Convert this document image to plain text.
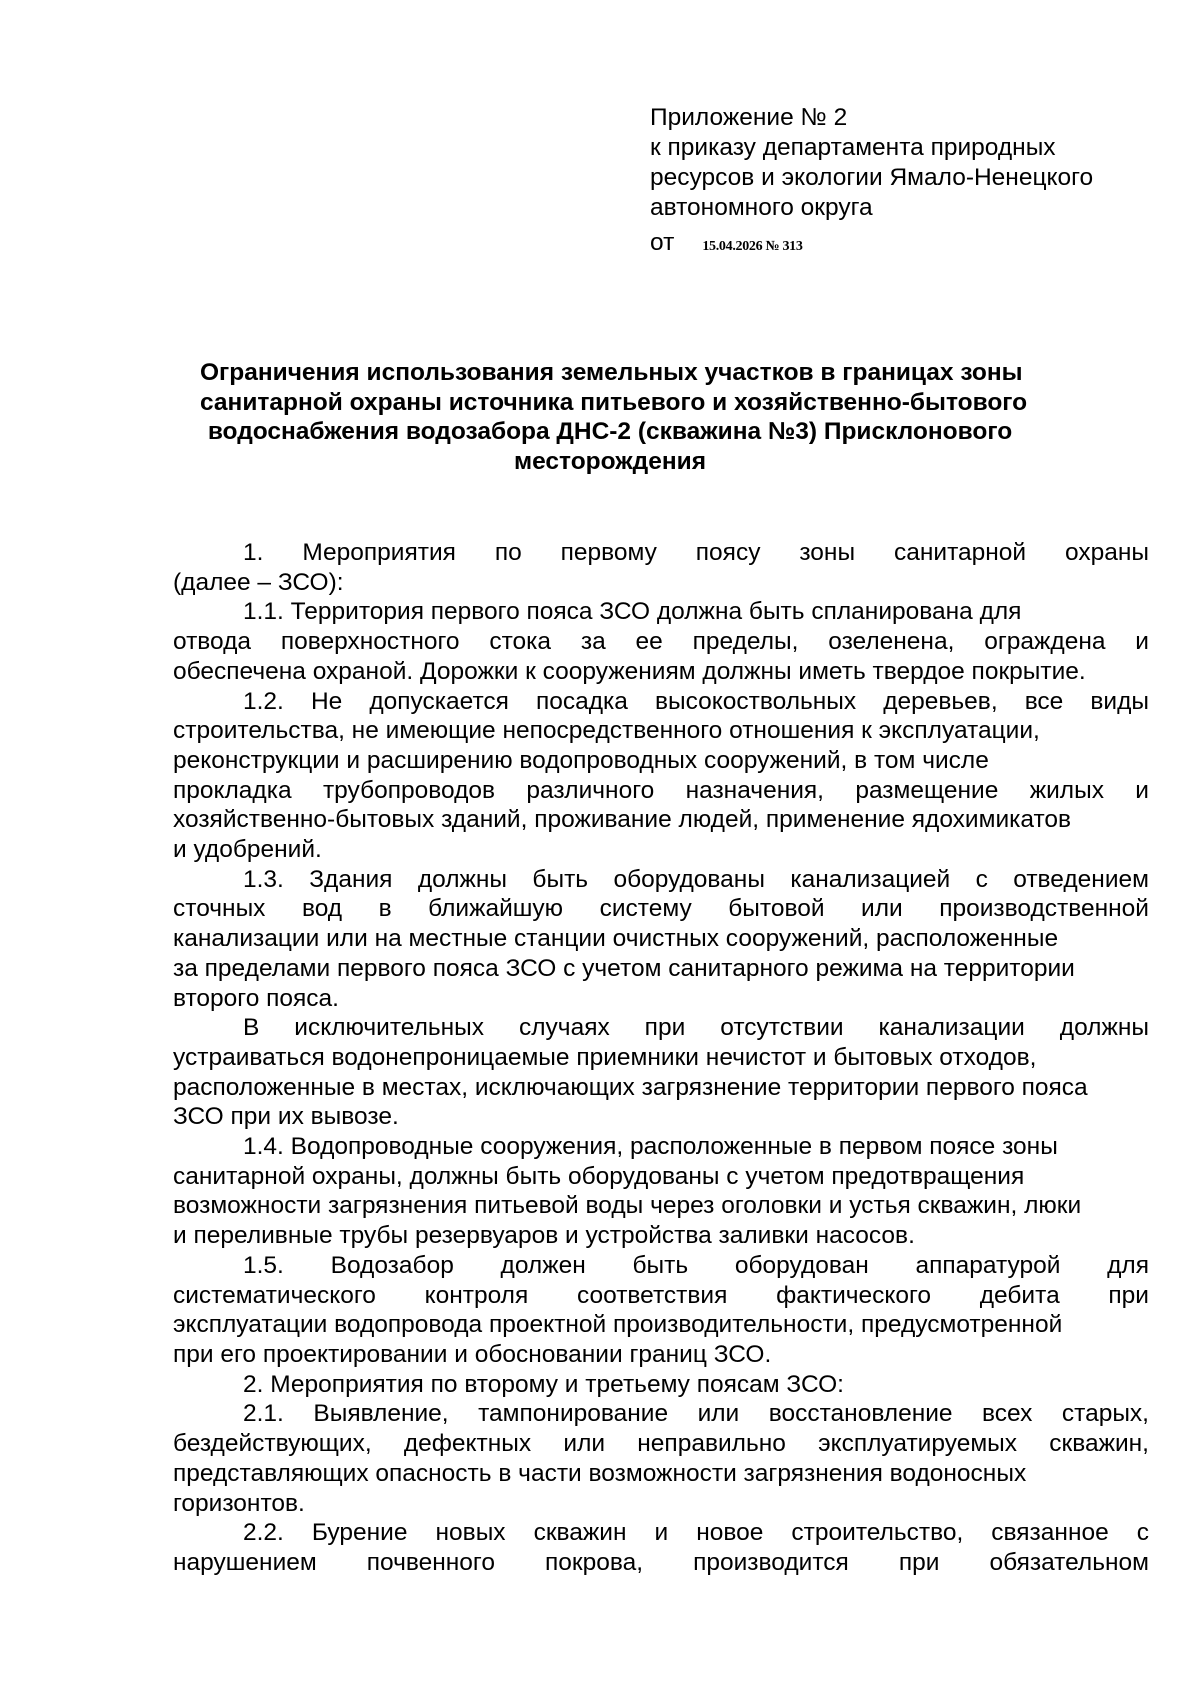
Приложение № 2
к приказу департамента природных
ресурсов и экологии Ямало-Ненецкого
автономного округа
от 15.04.2026 № 313
Ограничения использования земельных участков в границах зоны
санитарной охраны источника питьевого и хозяйственно-бытового
водоснабжения водозабора ДНС-2 (скважина №3) Присклонового
месторождения
1. Мероприятия по первому поясу зоны санитарной охраны
(далее – ЗСО):
1.1. Территория первого пояса ЗСО должна быть спланирована для
отвода поверхностного стока за ее пределы, озеленена, ограждена и
обеспечена охраной. Дорожки к сооружениям должны иметь твердое покрытие.
1.2. Не допускается посадка высокоствольных деревьев, все виды
строительства, не имеющие непосредственного отношения к эксплуатации,
реконструкции и расширению водопроводных сооружений, в том числе
прокладка трубопроводов различного назначения, размещение жилых и
хозяйственно-бытовых зданий, проживание людей, применение ядохимикатов
и удобрений.
1.3. Здания должны быть оборудованы канализацией с отведением
сточных вод в ближайшую систему бытовой или производственной
канализации или на местные станции очистных сооружений, расположенные
за пределами первого пояса ЗСО с учетом санитарного режима на территории
второго пояса.
В исключительных случаях при отсутствии канализации должны
устраиваться водонепроницаемые приемники нечистот и бытовых отходов,
расположенные в местах, исключающих загрязнение территории первого пояса
ЗСО при их вывозе.
1.4. Водопроводные сооружения, расположенные в первом поясе зоны
санитарной охраны, должны быть оборудованы с учетом предотвращения
возможности загрязнения питьевой воды через оголовки и устья скважин, люки
и переливные трубы резервуаров и устройства заливки насосов.
1.5. Водозабор должен быть оборудован аппаратурой для
систематического контроля соответствия фактического дебита при
эксплуатации водопровода проектной производительности, предусмотренной
при его проектировании и обосновании границ ЗСО.
2. Мероприятия по второму и третьему поясам ЗСО:
2.1. Выявление, тампонирование или восстановление всех старых,
бездействующих, дефектных или неправильно эксплуатируемых скважин,
представляющих опасность в части возможности загрязнения водоносных
горизонтов.
2.2. Бурение новых скважин и новое строительство, связанное с
нарушением почвенного покрова, производится при обязательном
